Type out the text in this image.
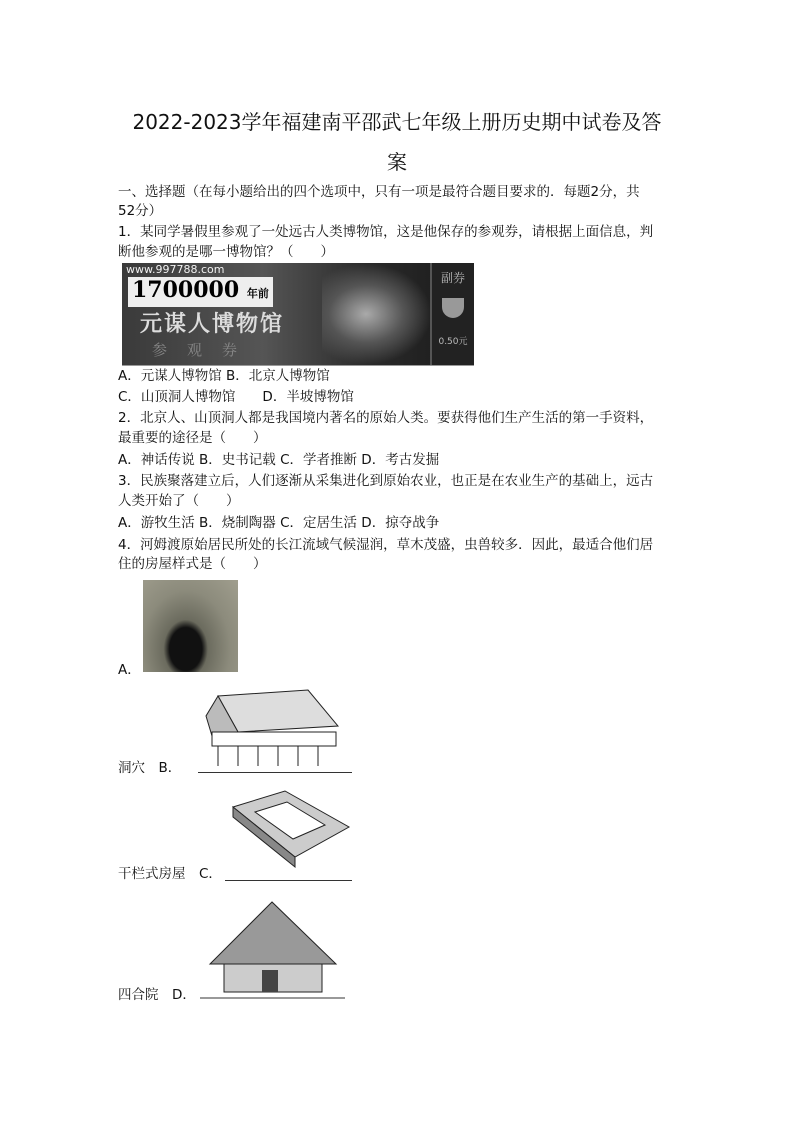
2022-2023学年福建南平邵武七年级上册历史期中试卷及答
案
一、选择题（在每小题给出的四个选项中，只有一项是最符合题目要求的．每题2分，共
52分）
1．某同学暑假里参观了一处远古人类博物馆，这是他保存的参观券，请根据上面信息，判
断他参观的是哪一博物馆？（　　）
www.997788.com
1700000 年前
元谋人博物馆
参观券
副券
0.50元
A．元谋人博物馆 B．北京人博物馆
C．山顶洞人博物馆　　D．半坡博物馆
2．北京人、山顶洞人都是我国境内著名的原始人类。要获得他们生产生活的第一手资料，
最重要的途径是（　　）
A．神话传说 B．史书记载 C．学者推断 D．考古发掘
3．民族聚落建立后，人们逐渐从采集进化到原始农业，也正是在农业生产的基础上，远古
人类开始了（　　）
A．游牧生活 B．烧制陶器 C．定居生活 D．掠夺战争
4．河姆渡原始居民所处的长江流域气候湿润，草木茂盛，虫兽较多．因此，最适合他们居
住的房屋样式是（　　）
A．
洞穴　B．
干栏式房屋　C．
四合院　D．
